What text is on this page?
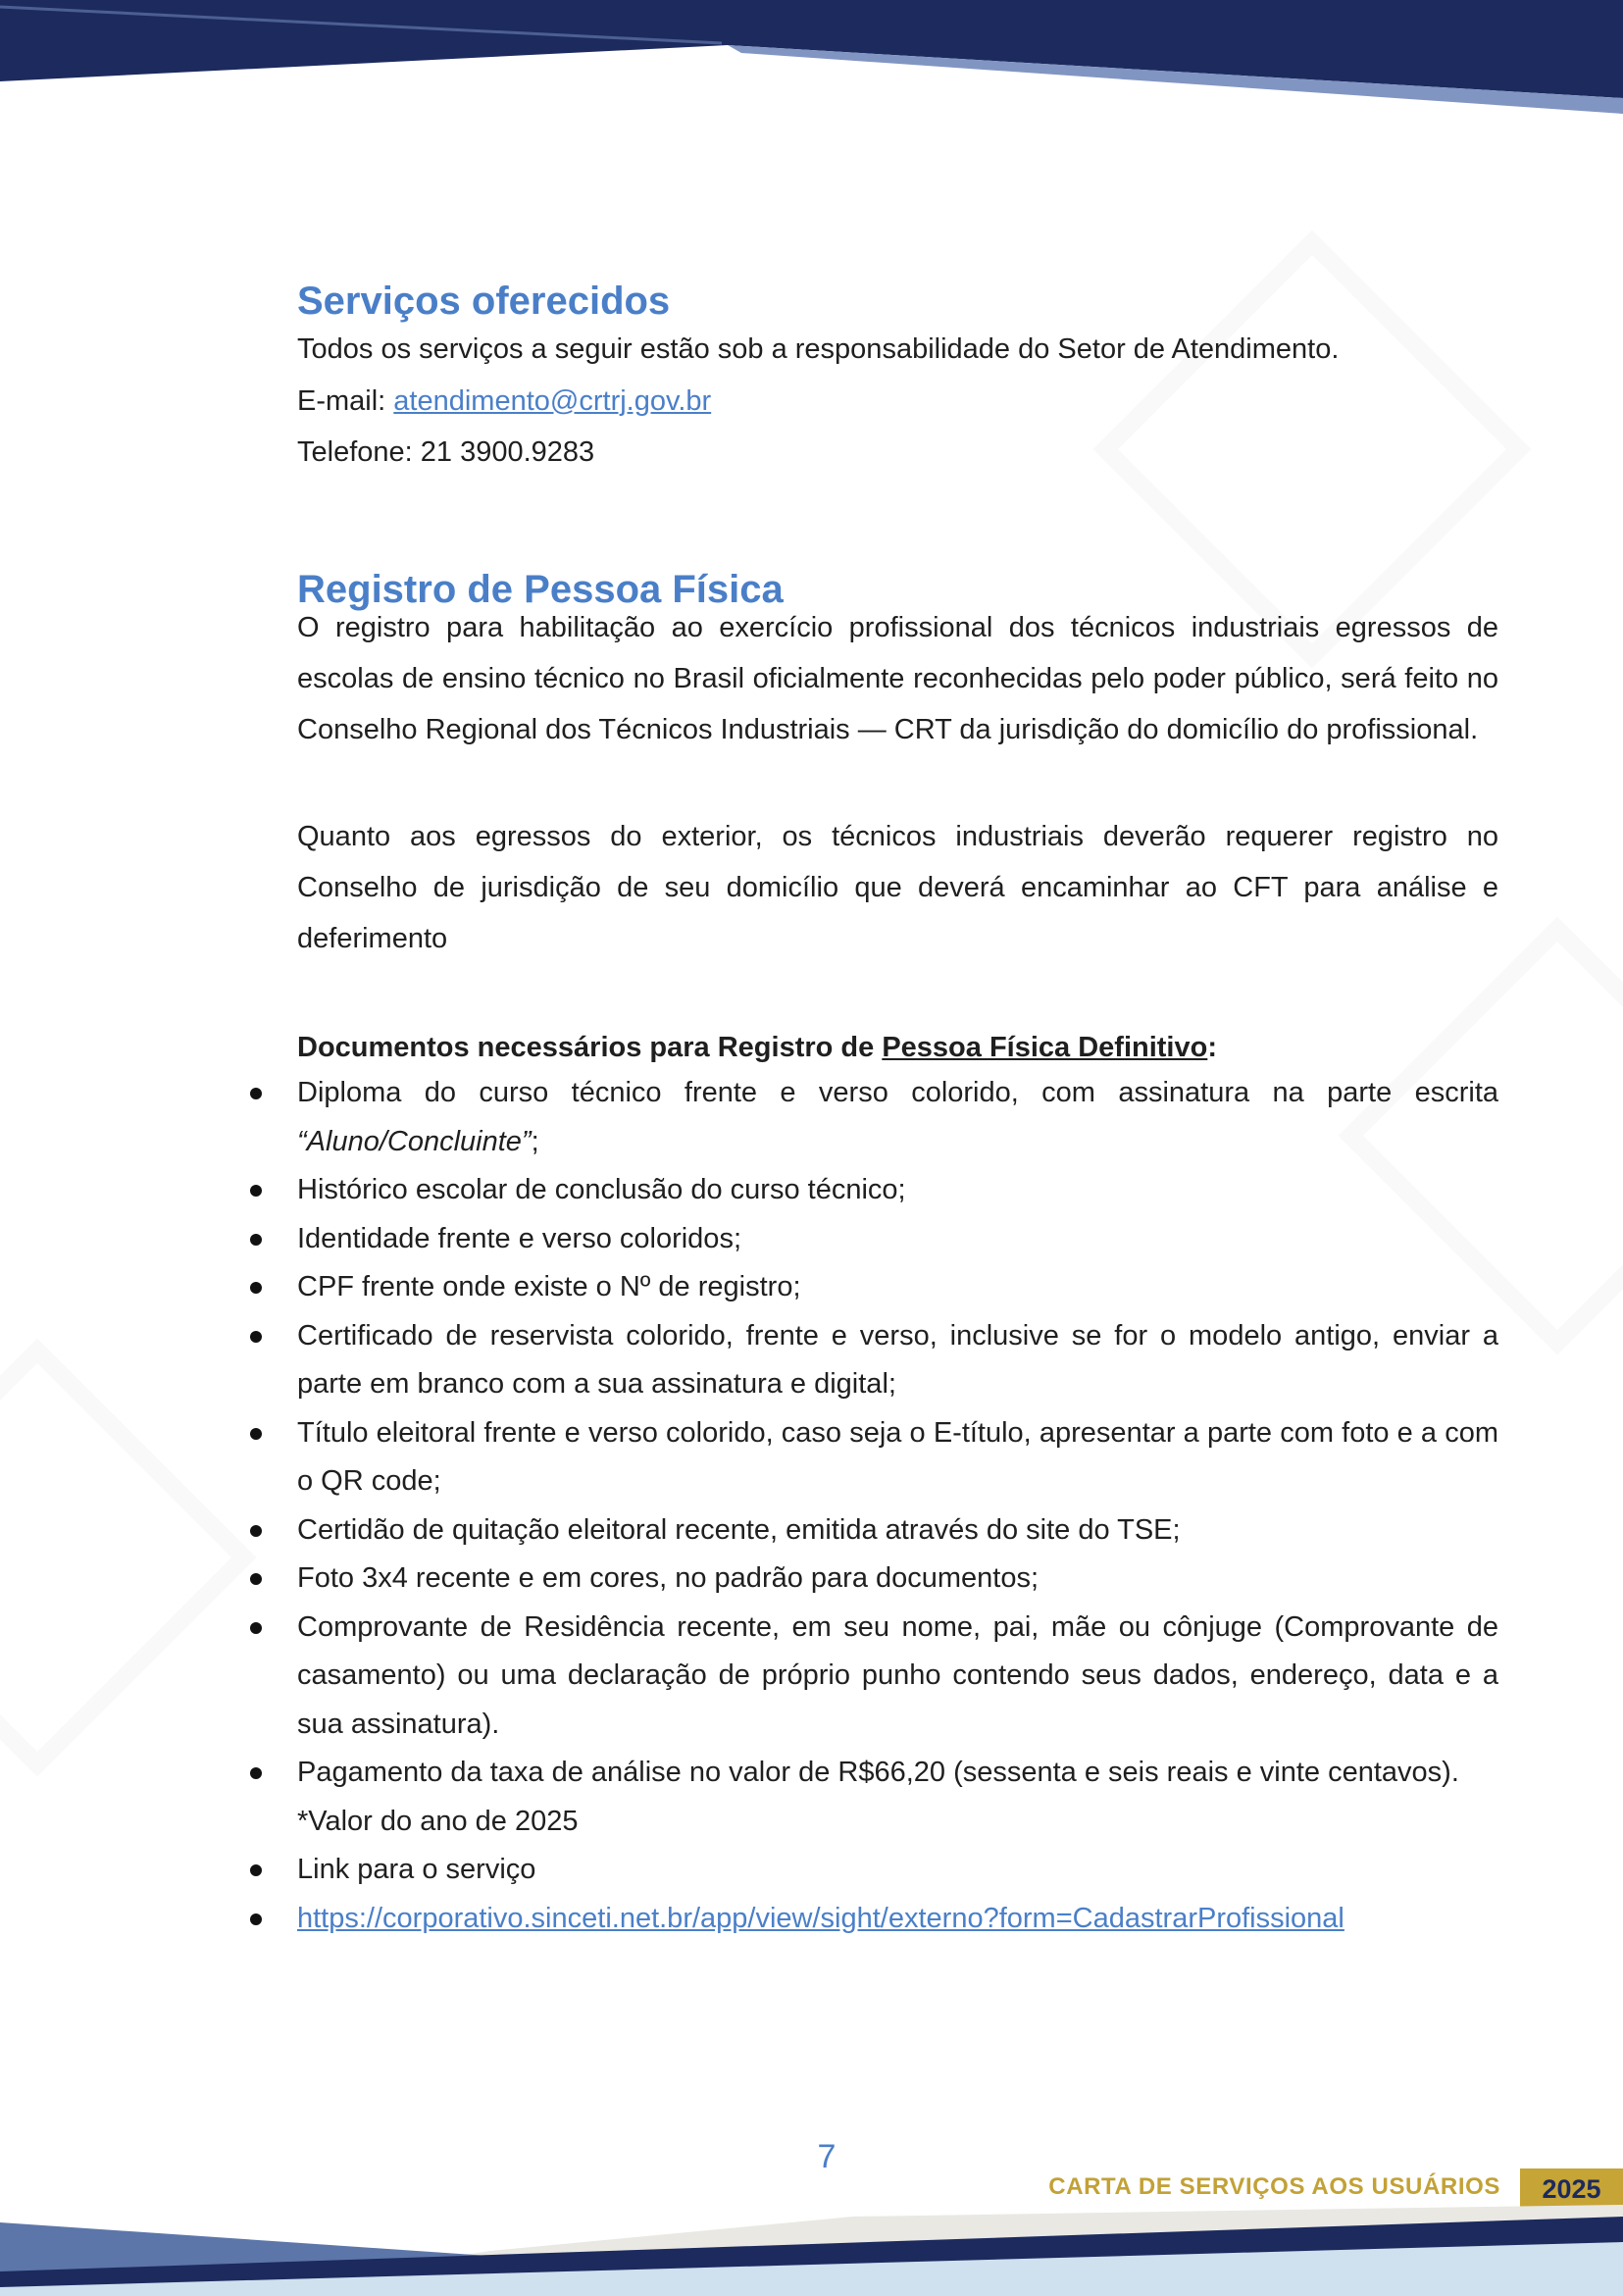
Serviços oferecidos
Todos os serviços a seguir estão sob a responsabilidade do Setor de Atendimento.
E-mail: atendimento@crtrj.gov.br
Telefone: 21 3900.9283
Registro de Pessoa Física

O registro para habilitação ao exercício profissional dos técnicos industriais egressos de escolas de ensino técnico no Brasil oficialmente reconhecidas pelo poder público, será feito no Conselho Regional dos Técnicos Industriais — CRT da jurisdição do domicílio do profissional.

Quanto aos egressos do exterior, os técnicos industriais deverão requerer registro no Conselho de jurisdição de seu domicílio que deverá encaminhar ao CFT para análise e deferimento

Documentos necessários para Registro de Pessoa Física Definitivo:
Diploma do curso técnico frente e verso colorido, com assinatura na parte escrita “Aluno/Concluinte”;
Histórico escolar de conclusão do curso técnico;
Identidade frente e verso coloridos;
CPF frente onde existe o Nº de registro;
Certificado de reservista colorido, frente e verso, inclusive se for o modelo antigo, enviar a parte em branco com a sua assinatura e digital;
Título eleitoral frente e verso colorido, caso seja o E-título, apresentar a parte com foto e a com o QR code;
Certidão de quitação eleitoral recente, emitida através do site do TSE;
Foto 3x4 recente e em cores, no padrão para documentos;
Comprovante de Residência recente, em seu nome, pai, mãe ou cônjuge (Comprovante de casamento) ou uma declaração de próprio punho contendo seus dados, endereço, data e a sua assinatura).
Pagamento da taxa de análise no valor de R$66,20 (sessenta e seis reais e vinte centavos).
*Valor do ano de 2025
Link para o serviço
https://corporativo.sinceti.net.br/app/view/sight/externo?form=CadastrarProfissional
7
CARTA DE SERVIÇOS AOS USUÁRIOS	2025
